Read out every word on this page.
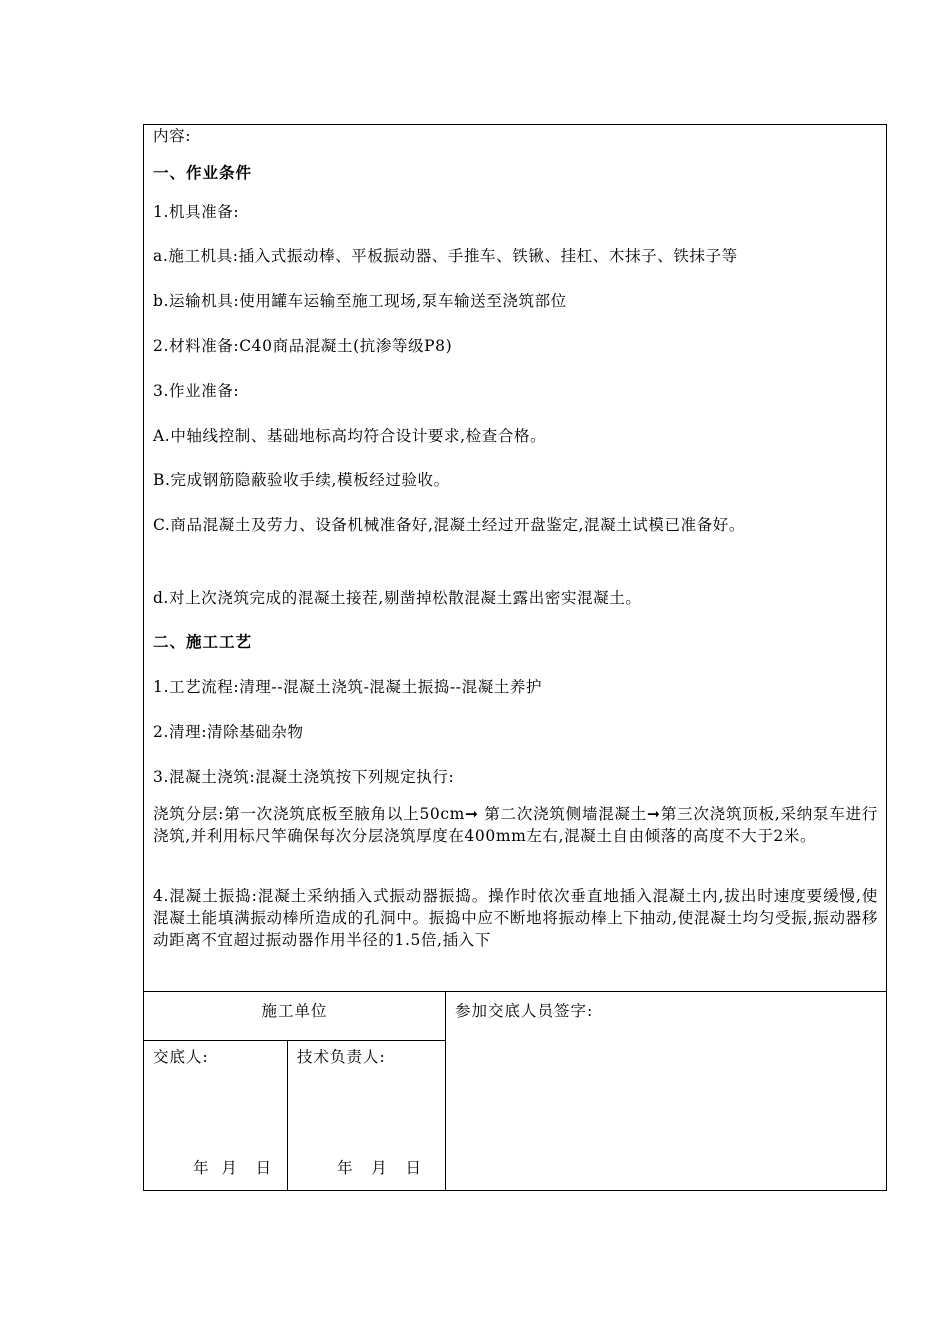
内容:
一、作业条件
1.机具准备:
a.施工机具:插入式振动棒、平板振动器、手推车、铁锹、挂杠、木抹子、铁抹子等
b.运输机具:使用罐车运输至施工现场,泵车输送至浇筑部位
2.材料准备:C40商品混凝土(抗渗等级P8)
3.作业准备:
A.中轴线控制、基础地标高均符合设计要求,检查合格。
B.完成钢筋隐蔽验收手续,模板经过验收。
C.商品混凝土及劳力、设备机械准备好,混凝土经过开盘鉴定,混凝土试模已准备好。
d.对上次浇筑完成的混凝土接茬,剔凿掉松散混凝土露出密实混凝土。
二、施工工艺
1.工艺流程:清理--混凝土浇筑-混凝土振捣--混凝土养护
2.清理:清除基础杂物
3.混凝土浇筑:混凝土浇筑按下列规定执行:
浇筑分层:第一次浇筑底板至腋角以上50cm➞ 第二次浇筑侧墙混凝土➞第三次浇筑顶板,采纳泵车进行浇筑,并利用标尺竿确保每次分层浇筑厚度在400mm左右,混凝土自由倾落的高度不大于2米。
4.混凝土振捣:混凝土采纳插入式振动器振捣。操作时依次垂直地插入混凝土内,拔出时速度要缓慢,使混凝土能填满振动棒所造成的孔洞中。振捣中应不断地将振动棒上下抽动,使混凝土均匀受振,振动器移动距离不宜超过振动器作用半径的1.5倍,插入下
施工单位	参加交底人员签字:
交底人:	技术负责人:
年  月   日	年   月   日
